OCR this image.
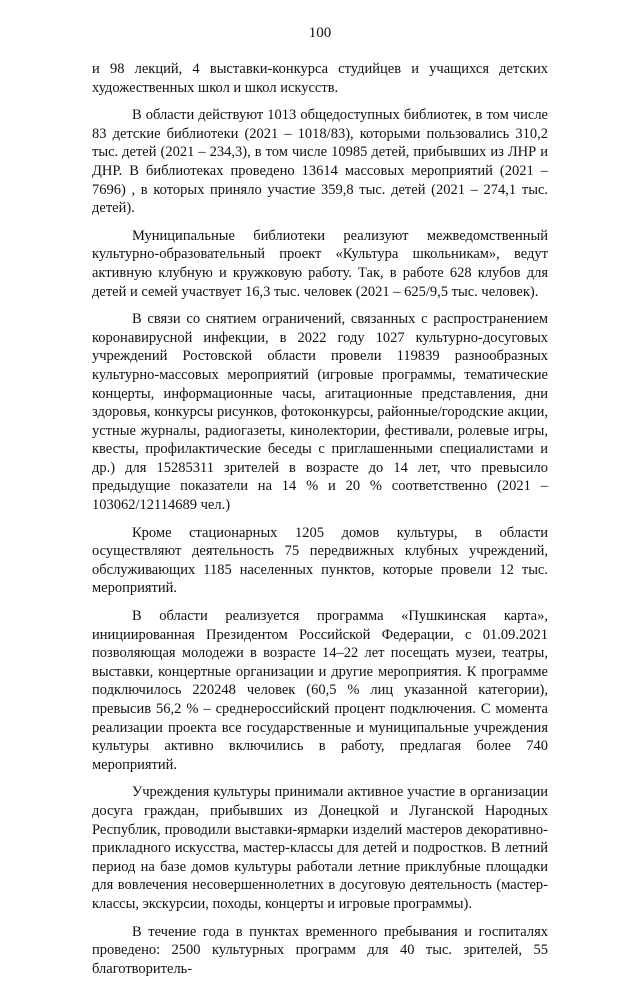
100

и 98 лекций, 4 выставки-конкурса студийцев и учащихся детских художественных школ и школ искусств.

В области действуют 1013 общедоступных библиотек, в том числе 83 детские библиотеки (2021 – 1018/83), которыми пользовались 310,2 тыс. детей (2021 – 234,3), в том числе 10985 детей, прибывших из ЛНР и ДНР. В библиотеках проведено 13614 массовых мероприятий (2021 – 7696) , в которых приняло участие 359,8 тыс. детей (2021 – 274,1 тыс. детей).

Муниципальные библиотеки реализуют межведомственный культурно-образовательный проект «Культура школьникам», ведут активную клубную и кружковую работу. Так, в работе 628 клубов для детей и семей участвует 16,3 тыс. человек (2021 – 625/9,5 тыс. человек).

В связи со снятием ограничений, связанных с распространением коронавирусной инфекции, в 2022 году 1027 культурно-досуговых учреждений Ростовской области провели 119839 разнообразных культурно-массовых мероприятий (игровые программы, тематические концерты, информационные часы, агитационные представления, дни здоровья, конкурсы рисунков, фотоконкурсы, районные/городские акции, устные журналы, радиогазеты, кинолектории, фестивали, ролевые игры, квесты, профилактические беседы с приглашенными специалистами и др.) для 15285311 зрителей в возрасте до 14 лет, что превысило предыдущие показатели на 14 % и 20 % соответственно (2021 – 103062/12114689 чел.)

Кроме стационарных 1205 домов культуры, в области осуществляют деятельность 75 передвижных клубных учреждений, обслуживающих 1185 населенных пунктов, которые провели 12 тыс. мероприятий.

В области реализуется программа «Пушкинская карта», инициированная Президентом Российской Федерации, с 01.09.2021 позволяющая молодежи в возрасте 14–22 лет посещать музеи, театры, выставки, концертные организации и другие мероприятия. К программе подключилось 220248 человек (60,5 % лиц указанной категории), превысив 56,2 % – среднероссийский процент подключения. С момента реализации проекта все государственные и муниципальные учреждения культуры активно включились в работу, предлагая более 740 мероприятий.

Учреждения культуры принимали активное участие в организации досуга граждан, прибывших из Донецкой и Луганской Народных Республик, проводили выставки-ярмарки изделий мастеров декоративно-прикладного искусства, мастер-классы для детей и подростков. В летний период на базе домов культуры работали летние приклубные площадки для вовлечения несовершеннолетних в досуговую деятельность (мастер-классы, экскурсии, походы, концерты и игровые программы).

В течение года в пунктах временного пребывания и госпиталях проведено: 2500 культурных программ для 40 тыс. зрителей, 55 благотворитель-
